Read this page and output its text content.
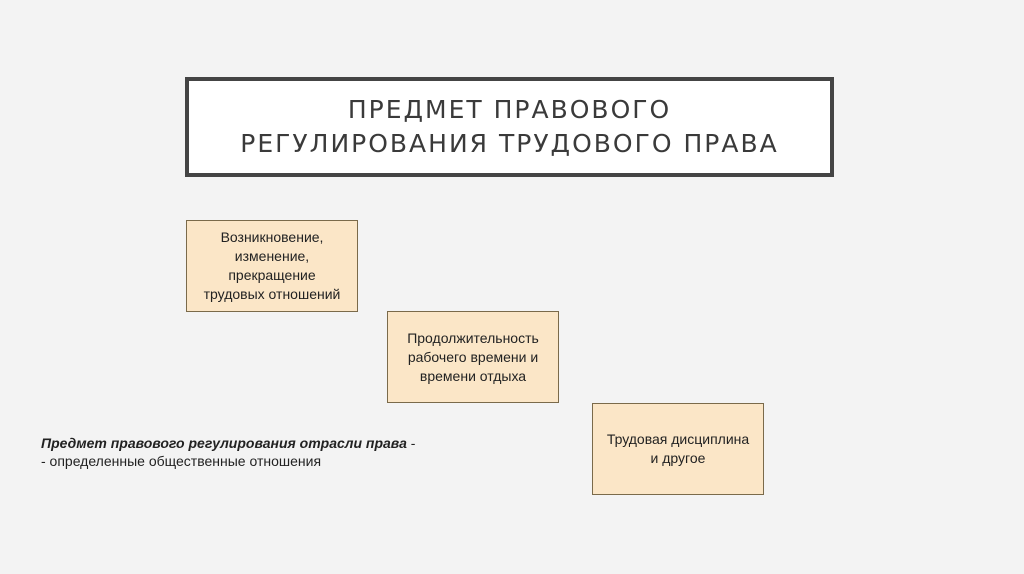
ПРЕДМЕТ ПРАВОВОГО
РЕГУЛИРОВАНИЯ ТРУДОВОГО ПРАВА
Возникновение,
изменение,
прекращение
трудовых отношений
Продолжительность
рабочего времени и
времени отдыха
Трудовая дисциплина
и другое
Предмет правового регулирования отрасли права -
- определенные общественные отношения
